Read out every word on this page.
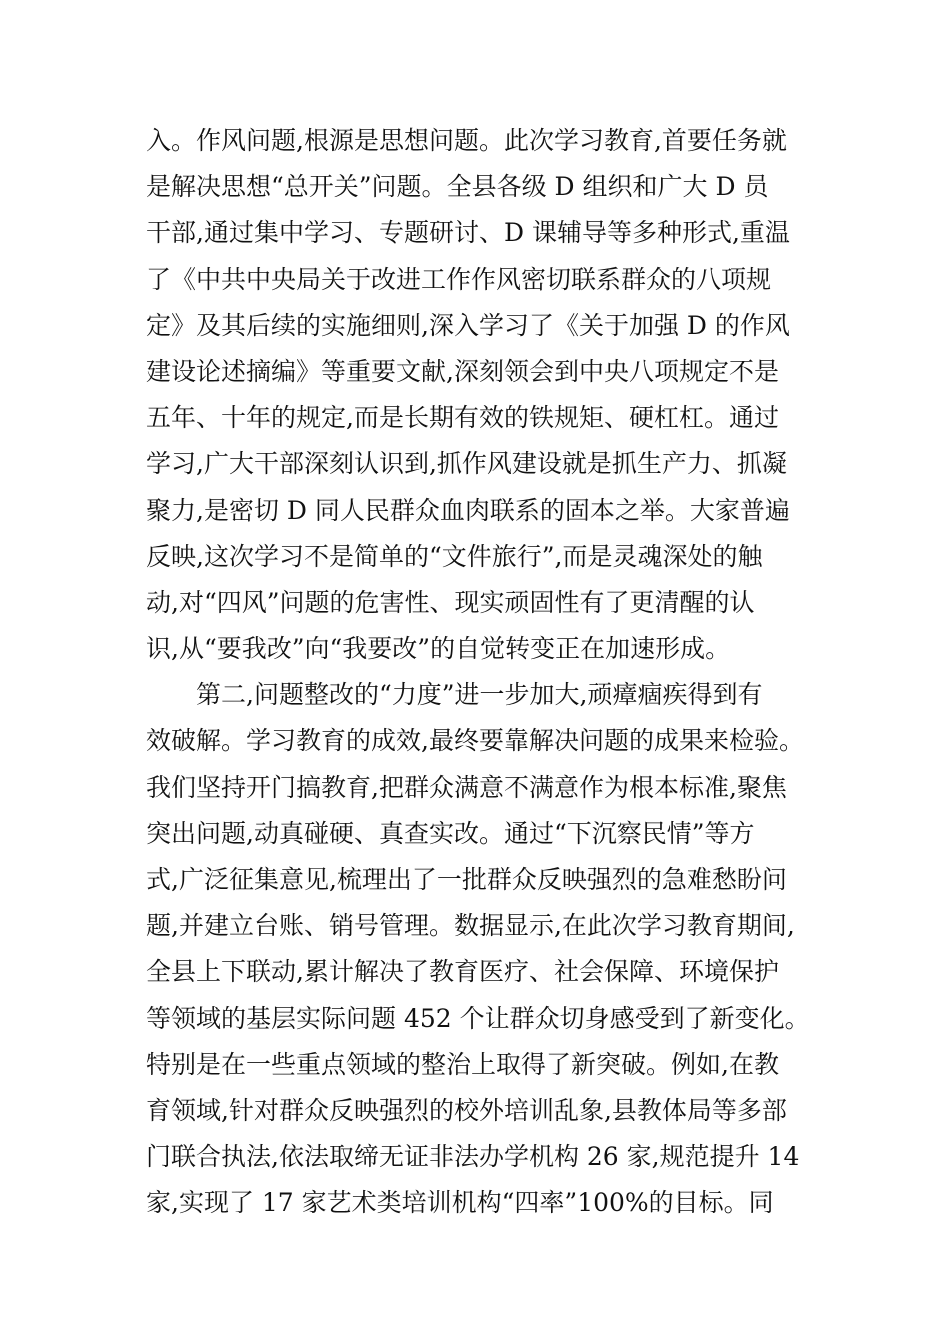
入。作风问题,根源是思想问题。此次学习教育,首要任务就
是解决思想“总开关”问题。全县各级 D 组织和广大 D 员
干部,通过集中学习、专题研讨、D 课辅导等多种形式,重温
了《中共中央局关于改进工作作风密切联系群众的八项规
定》及其后续的实施细则,深入学习了《关于加强 D 的作风
建设论述摘编》等重要文献,深刻领会到中央八项规定不是
五年、十年的规定,而是长期有效的铁规矩、硬杠杠。通过
学习,广大干部深刻认识到,抓作风建设就是抓生产力、抓凝
聚力,是密切 D 同人民群众血肉联系的固本之举。大家普遍
反映,这次学习不是简单的“文件旅行”,而是灵魂深处的触
动,对“四风”问题的危害性、现实顽固性有了更清醒的认
识,从“要我改”向“我要改”的自觉转变正在加速形成。
第二,问题整改的“力度”进一步加大,顽瘴痼疾得到有
效破解。学习教育的成效,最终要靠解决问题的成果来检验。
我们坚持开门搞教育,把群众满意不满意作为根本标准,聚焦
突出问题,动真碰硬、真查实改。通过“下沉察民情”等方
式,广泛征集意见,梳理出了一批群众反映强烈的急难愁盼问
题,并建立台账、销号管理。数据显示,在此次学习教育期间,
全县上下联动,累计解决了教育医疗、社会保障、环境保护
等领域的基层实际问题 452 个让群众切身感受到了新变化。
特别是在一些重点领域的整治上取得了新突破。例如,在教
育领域,针对群众反映强烈的校外培训乱象,县教体局等多部
门联合执法,依法取缔无证非法办学机构 26 家,规范提升 14
家,实现了 17 家艺术类培训机构“四率”100%的目标。同
